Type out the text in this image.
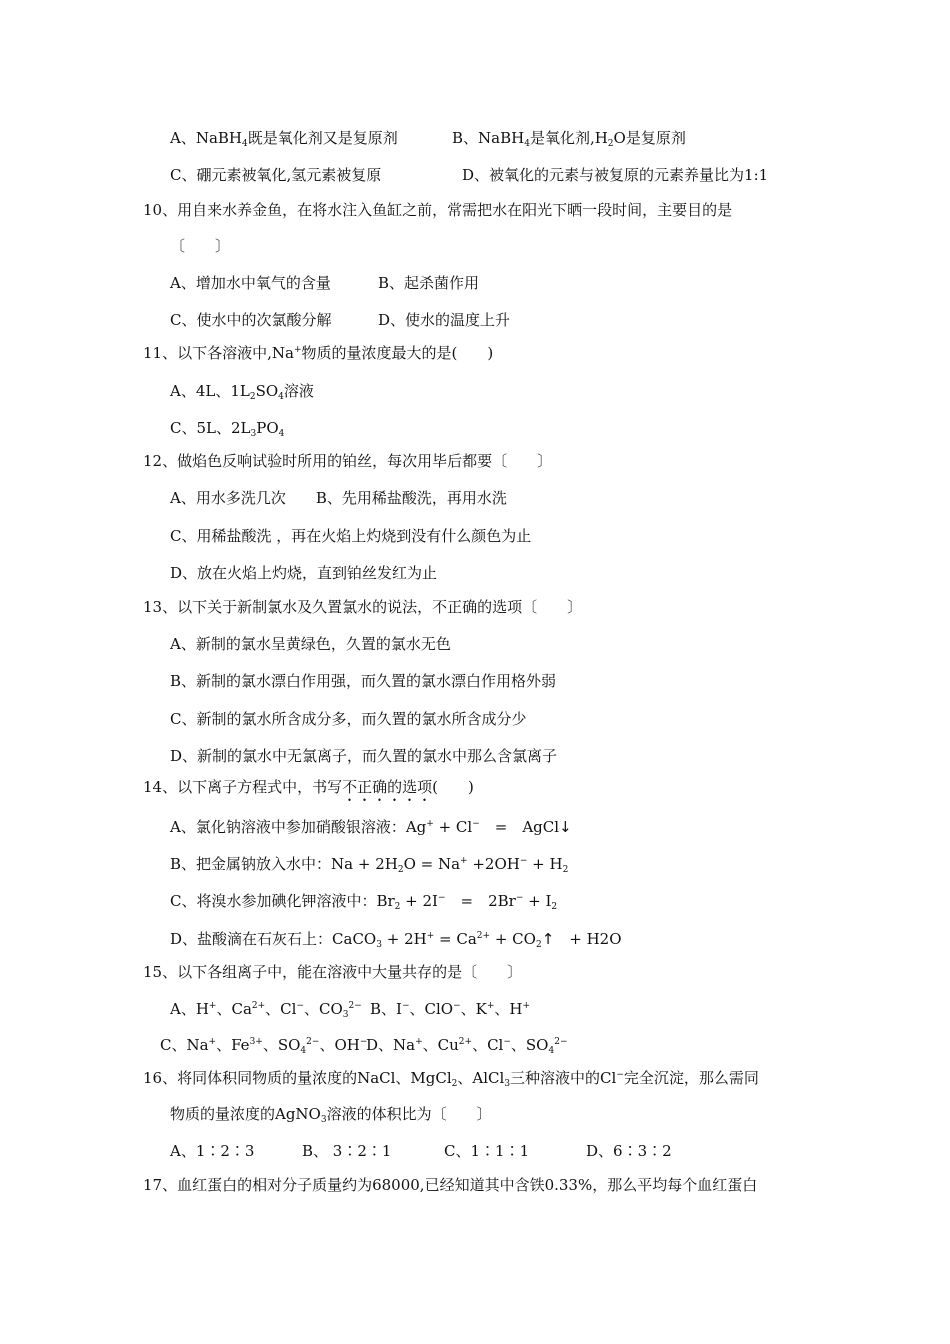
A、NaBH$_4$既是氧化剂又是复原剂	B、NaBH$_4$是氧化剂$,H_2O$是复原剂
C、硼元素被氧化,氢元素被复原	D、被氧化的元素与被复原的元素养量比为1:1
10、用自来水养金鱼，在将水注入鱼缸之前，常需把水在阳光下晒一段时间，主要目的是
〔　　〕
A、增加水中氧气的含量	B、起杀菌作用
C、使水中的次氯酸分解	D、使水的温度上升
11、以下各溶液中,Na+物质的量浓度最大的是(　　)
A、4L、$1L_2SO_4$溶液
C、5L、$2L_3PO_4$
12、做焰色反响试验时所用的铂丝，每次用毕后都要〔　　〕
A、用水多洗几次　　B、先用稀盐酸洗，再用水洗
C、用稀盐酸洗 ，再在火焰上灼烧到没有什么颜色为止
D、放在火焰上灼烧，直到铂丝发红为止
13、以下关于新制氯水及久置氯水的说法，不正确的选项〔　　〕
A、新制的氯水呈黄绿色，久置的氯水无色
B、新制的氯水漂白作用强，而久置的氯水漂白作用格外弱
C、新制的氯水所含成分多，而久置的氯水所含成分少
D、新制的氯水中无氯离子，而久置的氯水中那么含氯离子
14、以下离子方程式中，书写不正确的选项(　　)
A、氯化钠溶液中参加硝酸银溶液：Ag+ + Cl−　=　AgCl↓
B、把金属钠放入水中：$Na + 2H_2O = Na^+ +2OH^- + H_2$
C、将溴水参加碘化钾溶液中：$Br_2 + 2I^-$　=　$2Br^- + I_2$
D、盐酸滴在石灰石上：CaCO$_3$ + $2H^+ = Ca^{2+}$ + $CO_2↑$　+ H2O
15、以下各组离子中，能在溶液中大量共存的是〔　　〕
A、H+、$Ca^{2+}$、Cl−、$CO_3^{2-}$ B、I−、ClO−、K+、H+
C、Na+、$Fe^{3+}$、$SO_4^{2-}$、OH−
D、Na+、$Cu^{2+}$、Cl−、$SO_4^{2-}$
16、将同体积同物质的量浓度的NaCl、MgCl$_2$、AlCl$_3$三种溶液中的Cl−完全沉淀，那么需同
物质的量浓度的AgNO$_3$溶液的体积比为〔　　〕
A、1∶2∶3	B、 3∶2∶1	C、1∶1∶1	D、6∶3∶2
17、血红蛋白的相对分子质量约为68000,已经知道其中含铁0.33%，那么平均每个血红蛋白
